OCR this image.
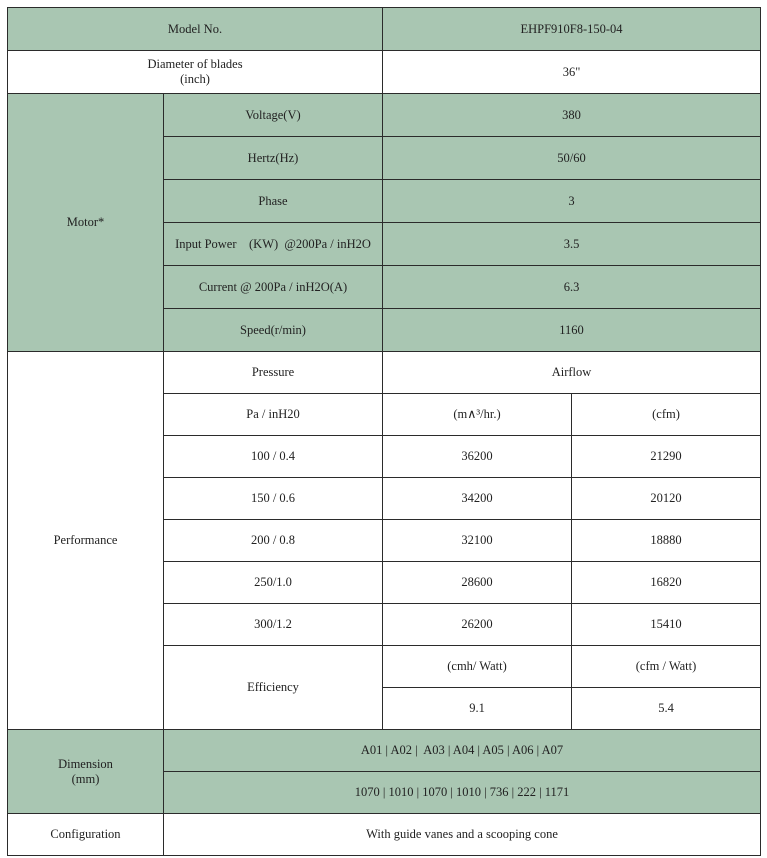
Model No.		EHPF910F8-150-04	

Diameter of blades
(inch)		36"	
Motor*	Voltage(V)	380	
	Hertz(Hz)	50/60	
	Phase	3	
	Input Power　(KW)  @200Pa / inH2O	3.5	
	Current @ 200Pa / inH2O(A)	6.3	
	Speed(r/min)	1160	
Performance	Pressure	Airflow	
	Pa / inH20	(m∧³/hr.)	(cfm)
	100 / 0.4	36200	21290
	150 / 0.6	34200	20120
	200 / 0.8	32100	18880
	250/1.0	28600	16820
	300/1.2	26200	15410
	Efficiency	(cmh/ Watt)	(cfm / Watt)
		9.1	5.4

Dimension
(mm)	A01 | A02 |  A03 | A04 | A05 | A06 | A07		
	1070 | 1010 | 1070 | 1010 | 736 | 222 | 1171		
Configuration	With guide vanes and a scooping cone		
